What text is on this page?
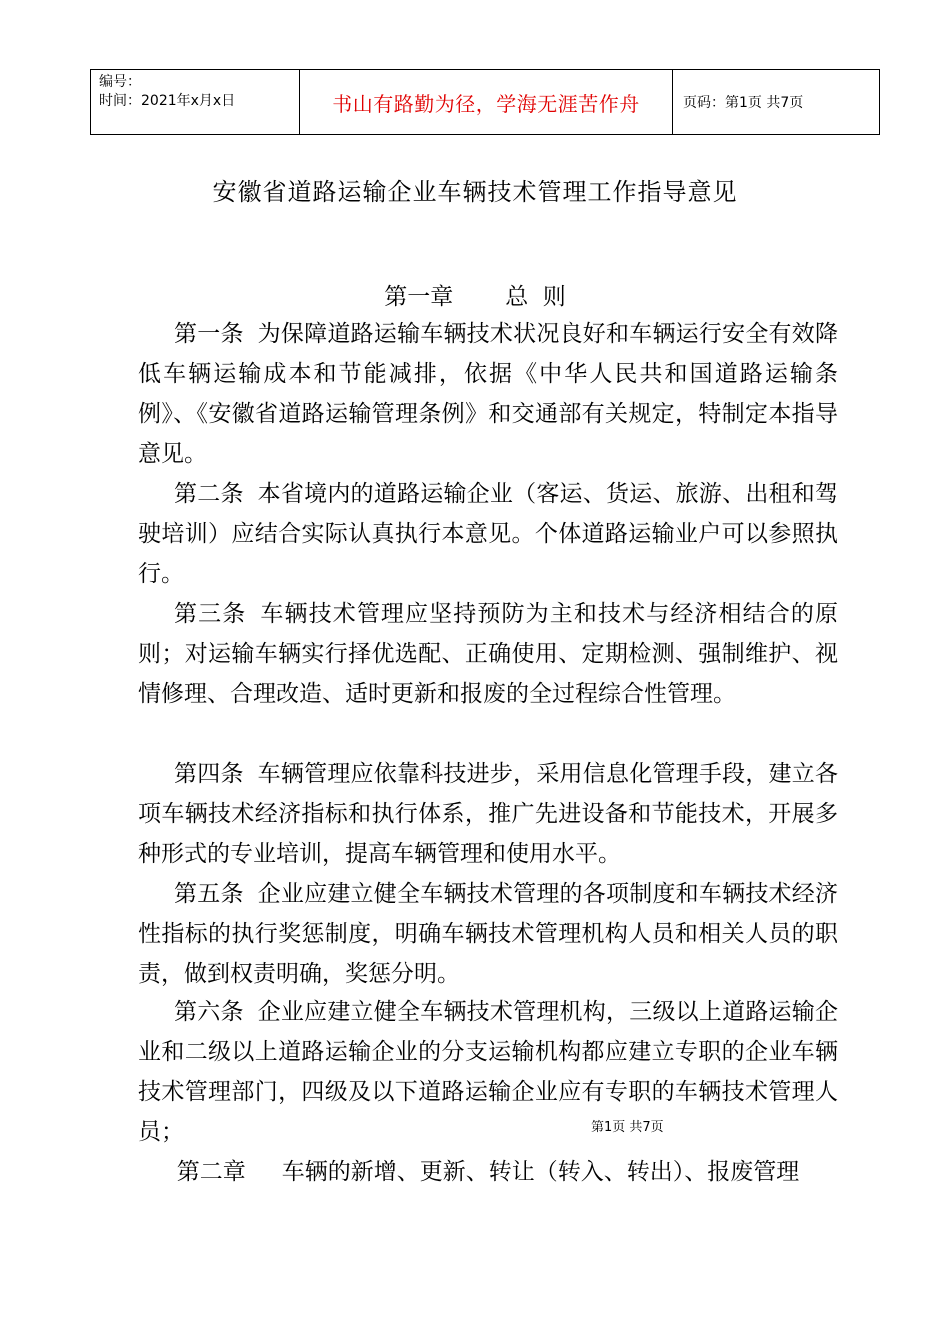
编号：
时间：2021年x月x日	书山有路勤为径，学海无涯苦作舟	页码：第1页 共7页
安徽省道路运输企业车辆技术管理工作指导意见
第一章 总  则

第一条 为保障道路运输车辆技术状况良好和车辆运行安全有效降低车辆运输成本和节能减排，依据《中华人民共和国道路运输条例》、《安徽省道路运输管理条例》和交通部有关规定，特制定本指导意见。

第二条 本省境内的道路运输企业（客运、货运、旅游、出租和驾驶培训）应结合实际认真执行本意见。个体道路运输业户可以参照执行。

第三条 车辆技术管理应坚持预防为主和技术与经济相结合的原则；对运输车辆实行择优选配、正确使用、定期检测、强制维护、视情修理、合理改造、适时更新和报废的全过程综合性管理。

第四条 车辆管理应依靠科技进步，采用信息化管理手段，建立各项车辆技术经济指标和执行体系，推广先进设备和节能技术，开展多种形式的专业培训，提高车辆管理和使用水平。

第五条 企业应建立健全车辆技术管理的各项制度和车辆技术经济性指标的执行奖惩制度，明确车辆技术管理机构人员和相关人员的职责，做到权责明确，奖惩分明。

第六条 企业应建立健全车辆技术管理机构，三级以上道路运输企业和二级以上道路运输企业的分支运输机构都应建立专职的企业车辆技术管理部门，四级及以下道路运输企业应有专职的车辆技术管理人员；	第1页 共7页

第二章 车辆的新增、更新、转让（转入、转出）、报废管理
